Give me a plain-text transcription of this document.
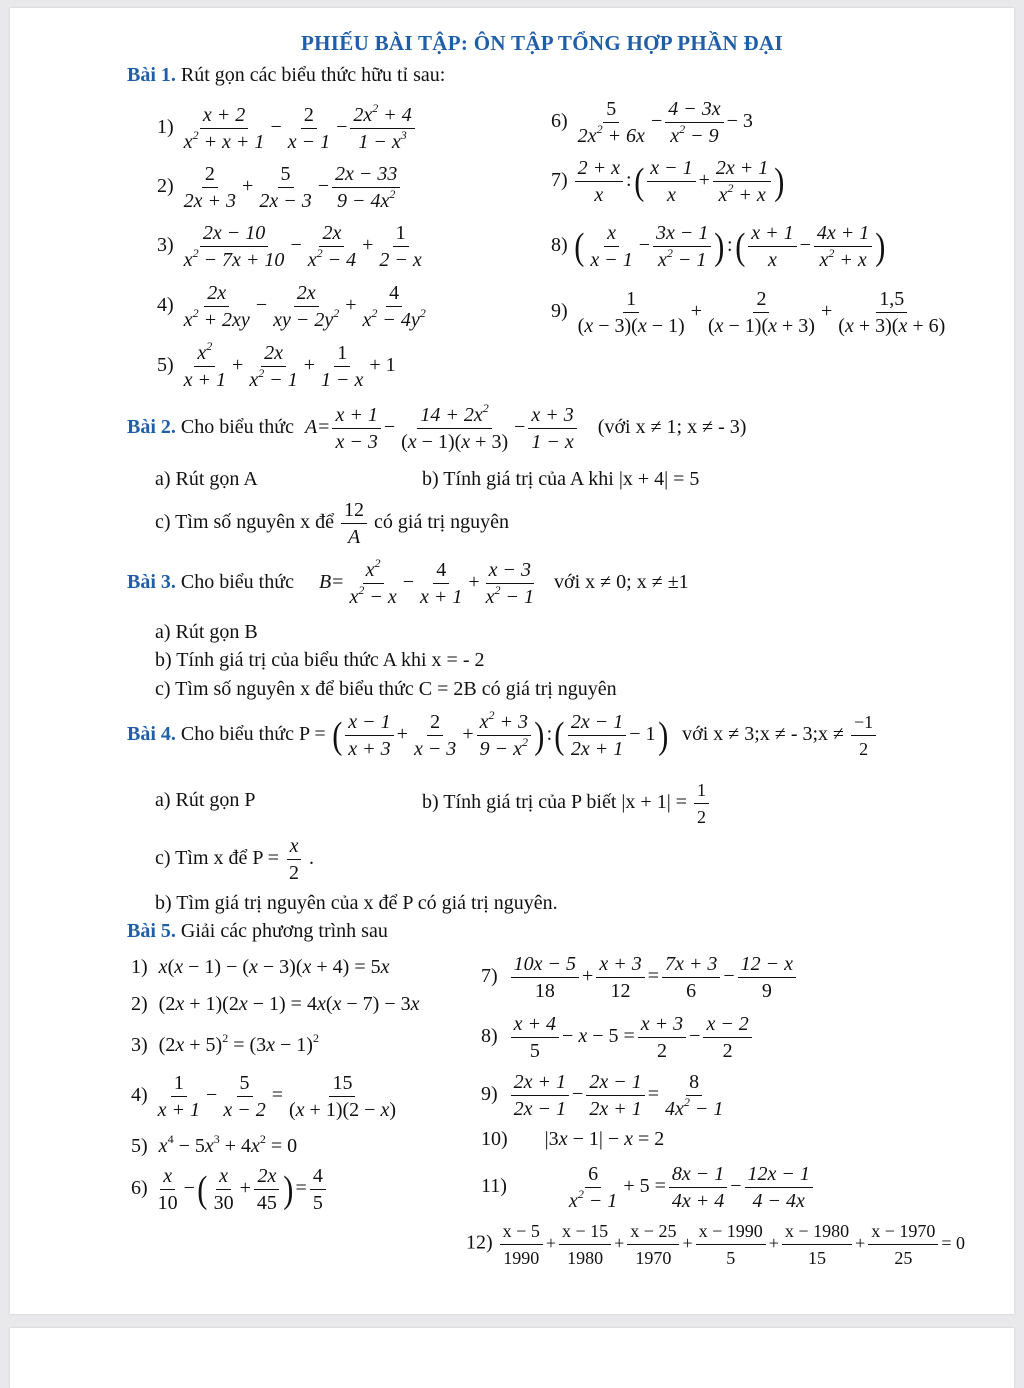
PHIẾU BÀI TẬP: ÔN TẬP TỔNG HỢP PHẦN ĐẠI
Bài 1. Rút gọn các biểu thức hữu tỉ sau:
$1) \frac{x + 2}{x^2 + x + 1} - \frac{2}{x - 1} - \frac{2x^2 + 4}{1 - x^3}$
$2) \frac{2}{2x + 3} + \frac{5}{2x - 3} - \frac{2x - 33}{9 - 4x^2}$
$3) \frac{2x - 10}{x^2 - 7x + 10} - \frac{2x}{x^2 - 4} + \frac{1}{2 - x}$
$4) \frac{2x}{x^2 + 2xy} - \frac{2x}{xy - 2y^2} + \frac{4}{x^2 - 4y^2}$
$5) \frac{x^2}{x + 1} + \frac{2x}{x^2 - 1} + \frac{1}{1 - x} + 1$
$6) \frac{5}{2x^2 + 6x} - \frac{4 - 3x}{x^2 - 9} - 3$
$7) \frac{2 + x}{x}$ :( $\frac{x - 1}{x} + \frac{2x + 1}{x^2 + x}$ )
8) ( $\frac{x}{x - 1} - \frac{3x - 1}{x^2 - 1}$ ) :( $\frac{x + 1}{x} - \frac{4x + 1}{x^2 + x}$ )
$9) \frac{1}{(x - 3)(x - 1)} + \frac{2}{(x - 1)(x + 3)} + \frac{1,5}{(x + 3)(x + 6)}$
Bài 2. Cho biểu thức $A= \frac{x + 1}{x - 3} - \frac{14 + 2x^2}{(x - 1)(x + 3)} - \frac{x + 3}{1 - x}$ (với x ≠ 1; x ≠ - 3)
a) Rút gọn A	b) Tính giá trị của A khi |x + 4| = 5
c) Tìm số nguyên x để $\frac{12}{A}$ có giá trị nguyên
Bài 3. Cho biểu thức $B= \frac{x^2}{x^2 - x} - \frac{4}{x + 1} + \frac{x - 3}{x^2 - 1}$ với x ≠ 0; x ≠ ±1
a) Rút gọn B
b) Tính giá trị của biểu thức A khi x = - 2
c) Tìm số nguyên x để biểu thức C = 2B có giá trị nguyên
Bài 4. Cho biểu thức P = ( $\frac{x - 1}{x + 3} + \frac{2}{x - 3} + \frac{x^2 + 3}{9 - x^2}$ ) :( $\frac{2x - 1}{2x + 1} - 1$) với x ≠ 3;x ≠ - 3;x ≠ $\frac{-1}{2}$
a) Rút gọn P	b) Tính giá trị của P biết $|x + 1| = \frac{1}{2}$
c) Tìm x để $P = \frac{x}{2}$ .
b) Tìm giá trị nguyên của x để P có giá trị nguyên.
Bài 5. Giải các phương trình sau
1) x(x − 1) − (x − 3)(x + 4) = 5x
2) (2x + 1)(2x − 1) = 4x(x − 7) − 3x
3) $(2x + 5)^2 = (3x - 1)^2$
$4) \frac{1}{x + 1} - \frac{5}{x - 2} = \frac{15}{(x + 1)(2 - x)}$
5) $x^4 - 5x^3 + 4x^2 = 0$
$6) \frac{x}{10}$ −( $\frac{x}{30} + \frac{2x}{45}$ ) = $\frac{4}{5}$
$7) \frac{10x - 5}{18} + \frac{x + 3}{12} = \frac{7x + 3}{6} - \frac{12 - x}{9}$
$8) \frac{x + 4}{5} - x - 5 = \frac{x + 3}{2} - \frac{x - 2}{2}$
$9) \frac{2x + 1}{2x - 1} - \frac{2x - 1}{2x + 1} = \frac{8}{4x^2 - 1}$
10) |3x − 1| − x = 2
11)	$\frac{6}{x^2 - 1} + 5 = \frac{8x - 1}{4x + 4} - \frac{12x - 1}{4 - 4x}$
$12) \frac{x - 5}{1990} + \frac{x - 15}{1980} + \frac{x - 25}{1970} + \frac{x - 1990}{5} + \frac{x - 1980}{15} + \frac{x - 1970}{25} = 0$
